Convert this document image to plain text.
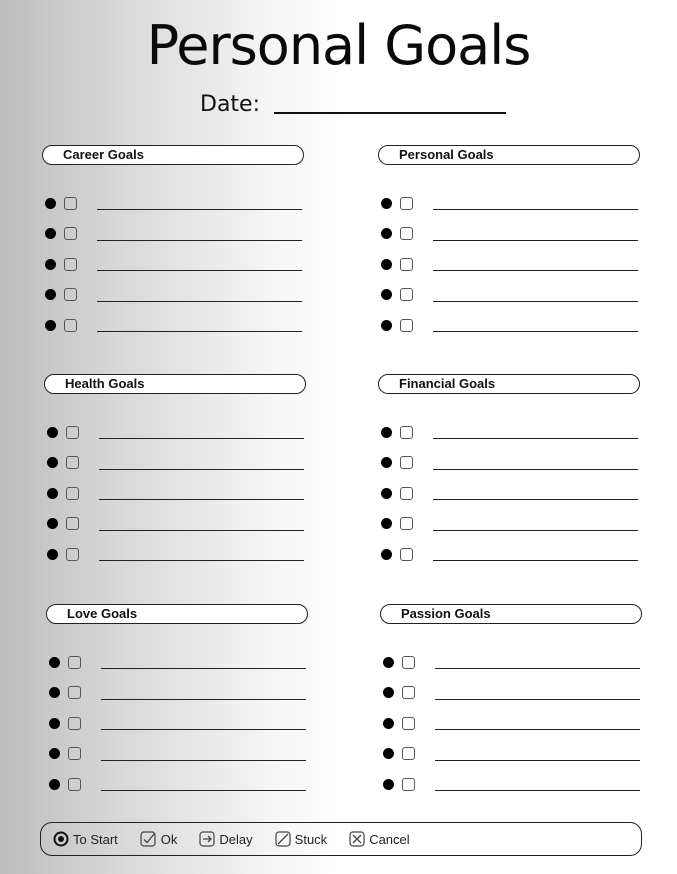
Personal Goals
Date:
Career Goals	Personal Goals
Health Goals	Financial Goals
Love Goals	Passion Goals
To Start	Ok	Delay	Stuck	Cancel
